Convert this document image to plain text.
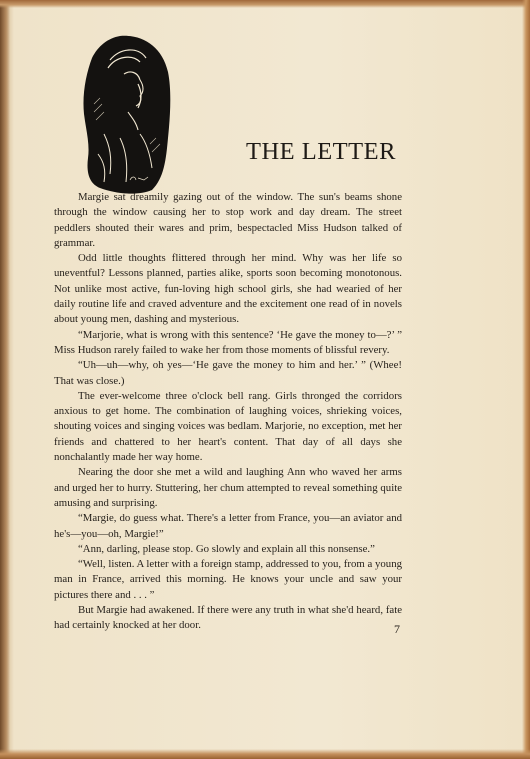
THE LETTER

Margie sat dreamily gazing out of the window. The sun's beams shone through the window causing her to stop work and day dream. The street peddlers shouted their wares and prim, bespectacled Miss Hudson talked of grammar.

Odd little thoughts flittered through her mind. Why was her life so uneventful? Lessons planned, parties alike, sports soon becoming monotonous. Not unlike most active, fun-loving high school girls, she had wearied of her daily routine life and craved adventure and the excitement one read of in novels about young men, dashing and mysterious.

“Marjorie, what is wrong with this sentence? ‘He gave the money to—?’ ” Miss Hudson rarely failed to wake her from those moments of blissful revery.

“Uh—uh—why, oh yes—‘He gave the money to him and her.’ ” (Whee! That was close.)

The ever-welcome three o'clock bell rang. Girls thronged the corridors anxious to get home. The combination of laughing voices, shrieking voices, shouting voices and singing voices was bedlam. Marjorie, no exception, met her friends and chattered to her heart's content. That day of all days she nonchalantly made her way home.

Nearing the door she met a wild and laughing Ann who waved her arms and urged her to hurry. Stuttering, her chum attempted to reveal something quite amusing and surprising.

“Margie, do guess what. There's a letter from France, you—an aviator and he's—you—oh, Margie!”

“Ann, darling, please stop. Go slowly and explain all this nonsense.”

“Well, listen. A letter with a foreign stamp, addressed to you, from a young man in France, arrived this morning. He knows your uncle and saw your pictures there and . . . ”

But Margie had awakened. If there were any truth in what she'd heard, fate had certainly knocked at her door.	7
